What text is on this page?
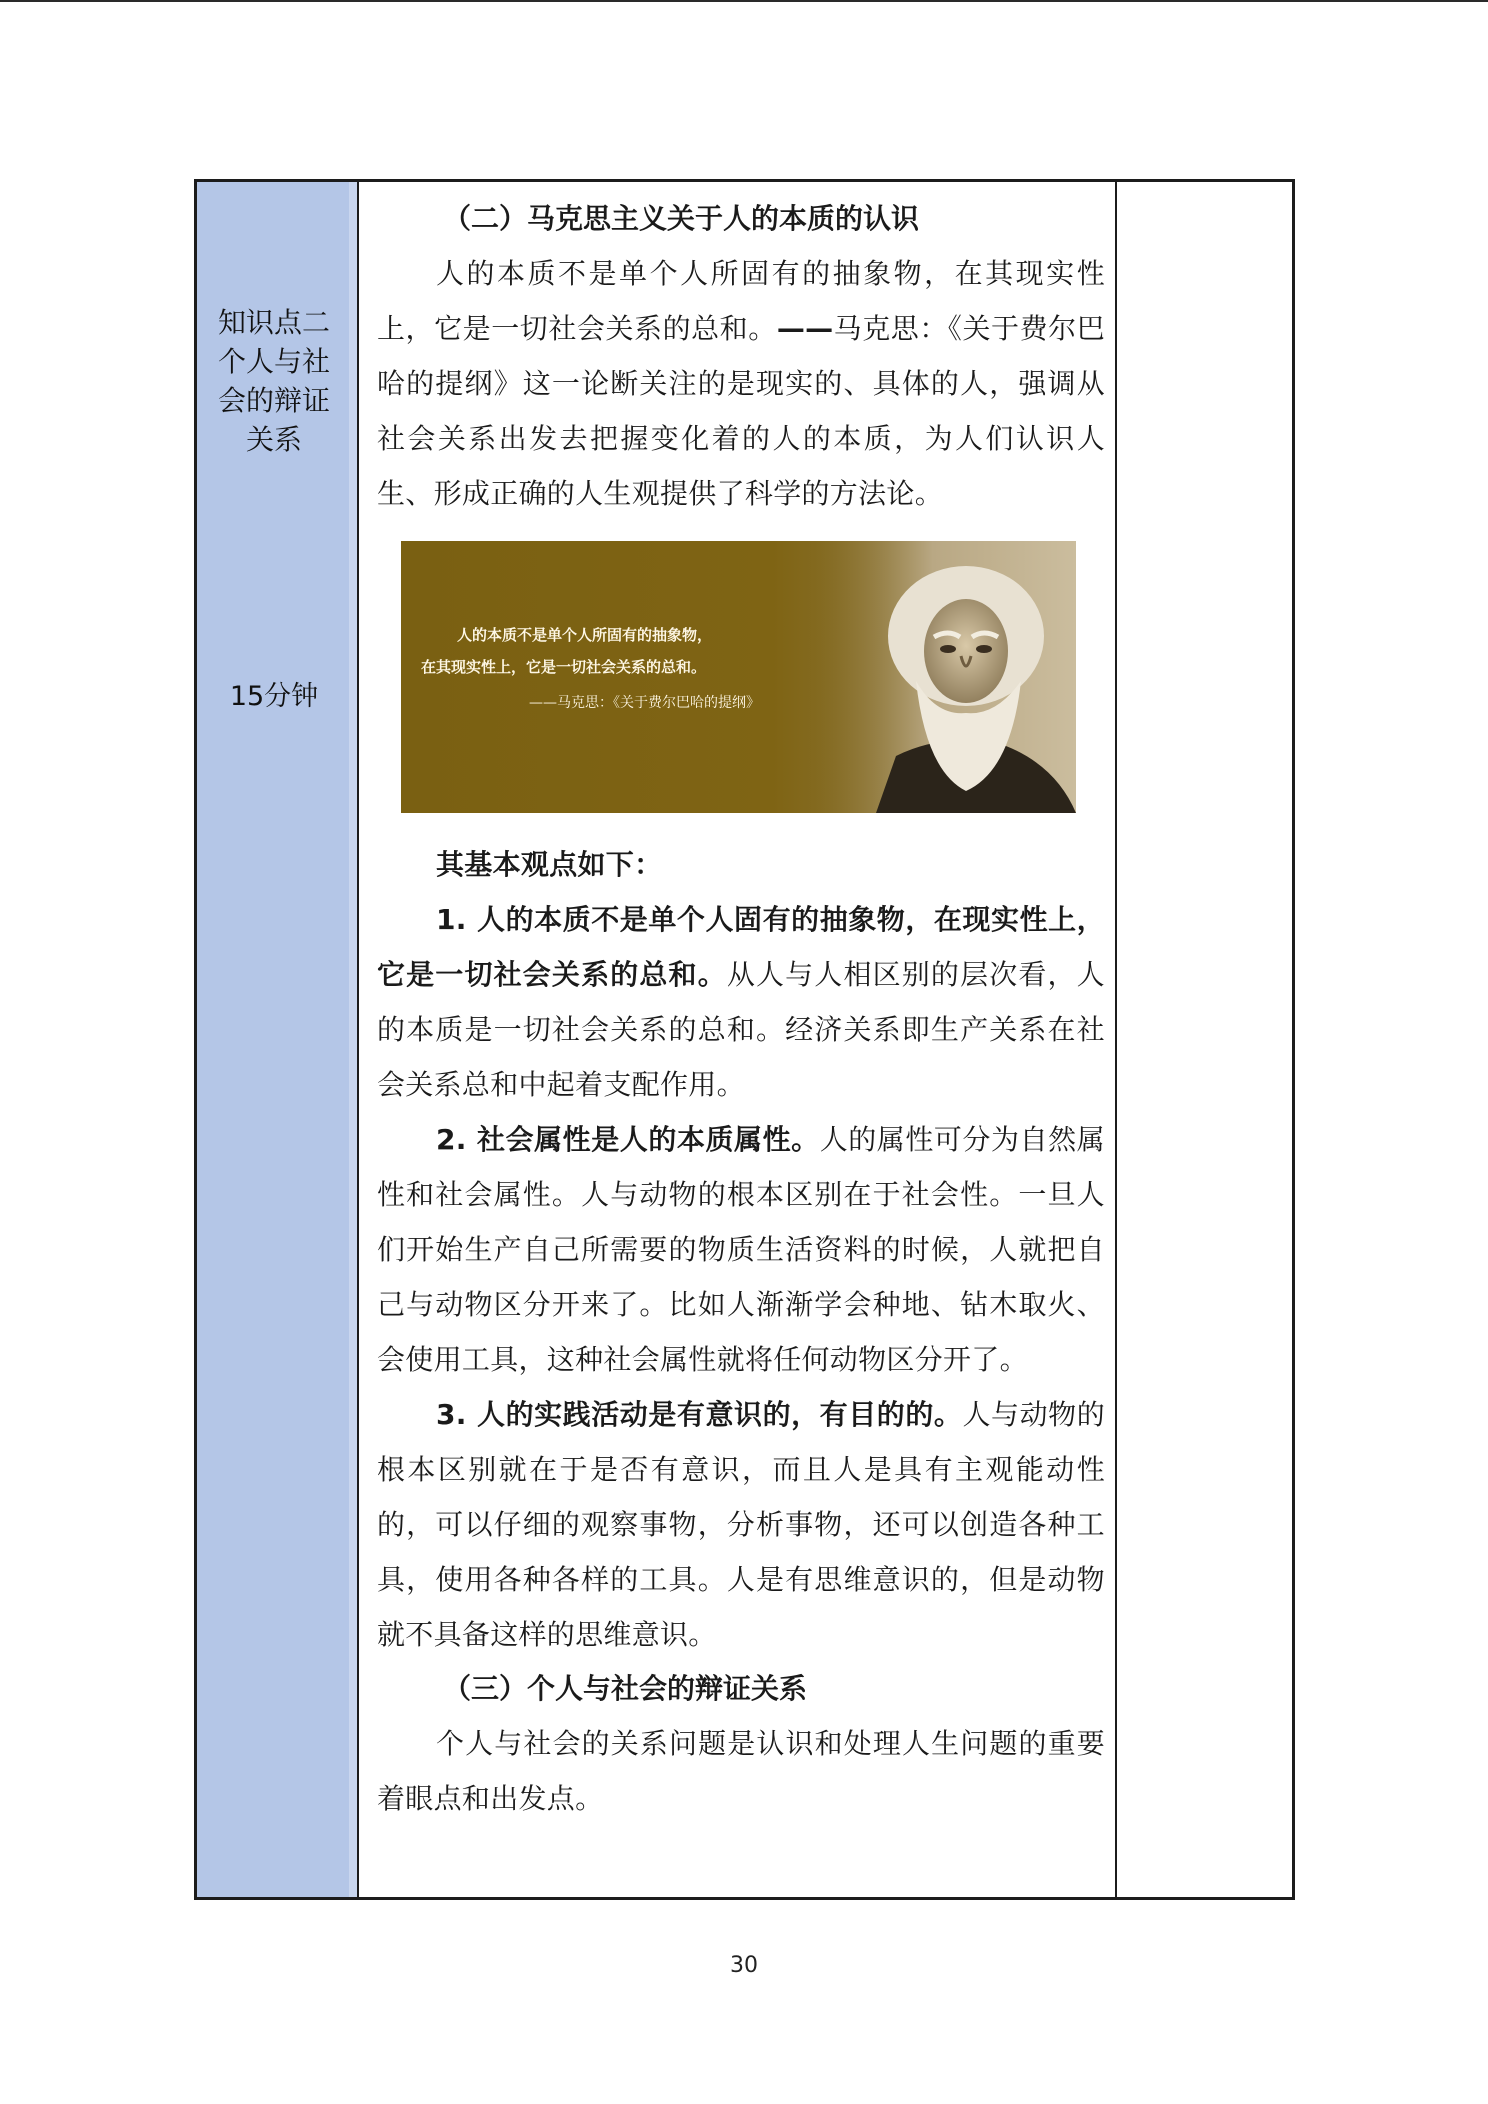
知识点二
个人与社
会的辩证
关系
15分钟

（二）马克思主义关于人的本质的认识

人的本质不是单个人所固有的抽象物，在其现实性上，它是一切社会关系的总和。——马克思：《关于费尔巴哈的提纲》这一论断关注的是现实的、具体的人，强调从社会关系出发去把握变化着的人的本质，为人们认识人生、形成正确的人生观提供了科学的方法论。

人的本质不是单个人所固有的抽象物，
在其现实性上，它是一切社会关系的总和。
——马克思：《关于费尔巴哈的提纲》

其基本观点如下：

1. 人的本质不是单个人固有的抽象物，在现实性上，它是一切社会关系的总和。从人与人相区别的层次看，人的本质是一切社会关系的总和。经济关系即生产关系在社会关系总和中起着支配作用。

2. 社会属性是人的本质属性。人的属性可分为自然属性和社会属性。人与动物的根本区别在于社会性。一旦人们开始生产自己所需要的物质生活资料的时候，人就把自己与动物区分开来了。比如人渐渐学会种地、钻木取火、会使用工具，这种社会属性就将任何动物区分开了。

3. 人的实践活动是有意识的，有目的的。人与动物的根本区别就在于是否有意识，而且人是具有主观能动性的，可以仔细的观察事物，分析事物，还可以创造各种工具，使用各种各样的工具。人是有思维意识的，但是动物就不具备这样的思维意识。

（三）个人与社会的辩证关系

个人与社会的关系问题是认识和处理人生问题的重要着眼点和出发点。

30
